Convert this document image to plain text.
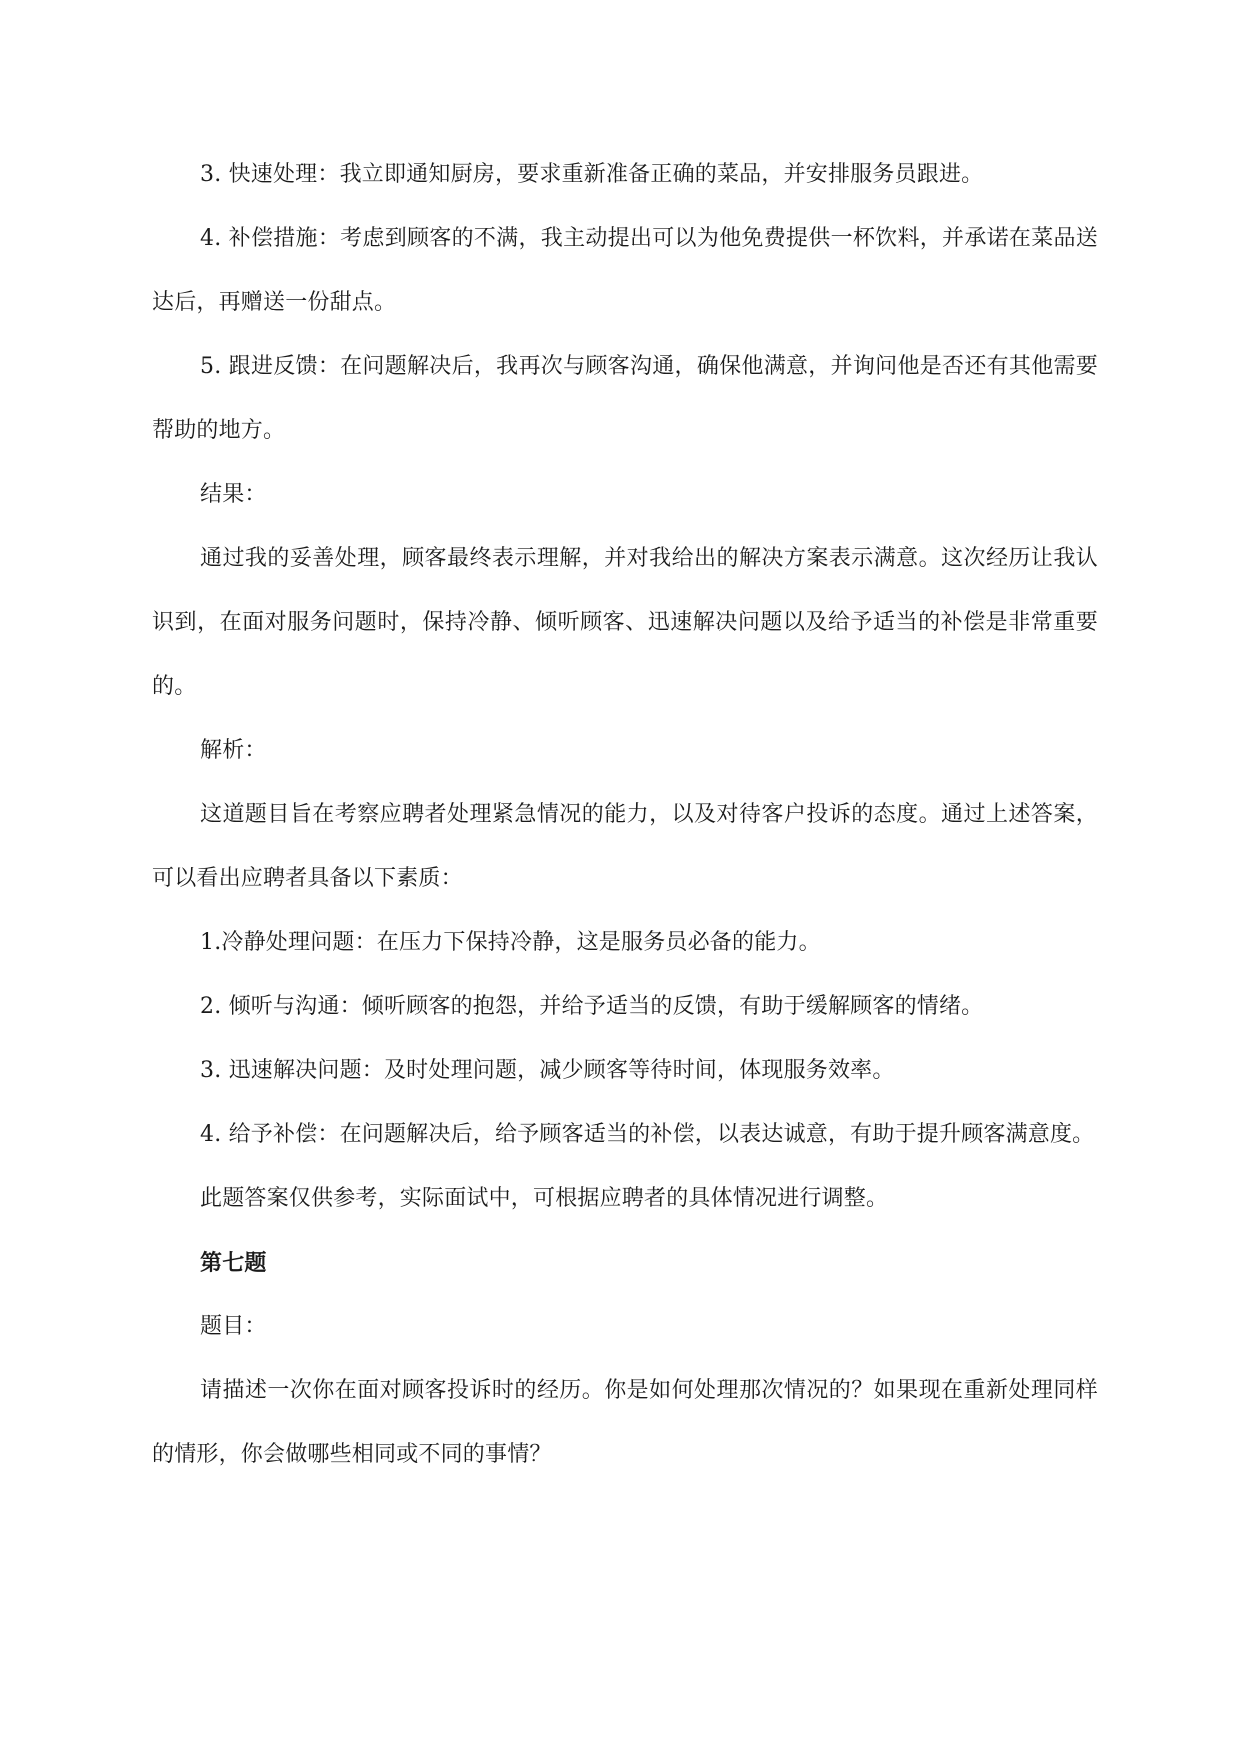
3. 快速处理：我立即通知厨房，要求重新准备正确的菜品，并安排服务员跟进。

4. 补偿措施：考虑到顾客的不满，我主动提出可以为他免费提供一杯饮料，并承诺在菜品送达后，再赠送一份甜点。

5. 跟进反馈：在问题解决后，我再次与顾客沟通，确保他满意，并询问他是否还有其他需要帮助的地方。

结果：

通过我的妥善处理，顾客最终表示理解，并对我给出的解决方案表示满意。这次经历让我认识到，在面对服务问题时，保持冷静、倾听顾客、迅速解决问题以及给予适当的补偿是非常重要的。

解析：

这道题目旨在考察应聘者处理紧急情况的能力，以及对待客户投诉的态度。通过上述答案，可以看出应聘者具备以下素质：

1.冷静处理问题：在压力下保持冷静，这是服务员必备的能力。

2. 倾听与沟通：倾听顾客的抱怨，并给予适当的反馈，有助于缓解顾客的情绪。

3. 迅速解决问题：及时处理问题，减少顾客等待时间，体现服务效率。

4. 给予补偿：在问题解决后，给予顾客适当的补偿，以表达诚意，有助于提升顾客满意度。

此题答案仅供参考，实际面试中，可根据应聘者的具体情况进行调整。

第七题

题目：

请描述一次你在面对顾客投诉时的经历。你是如何处理那次情况的？如果现在重新处理同样的情形，你会做哪些相同或不同的事情？
